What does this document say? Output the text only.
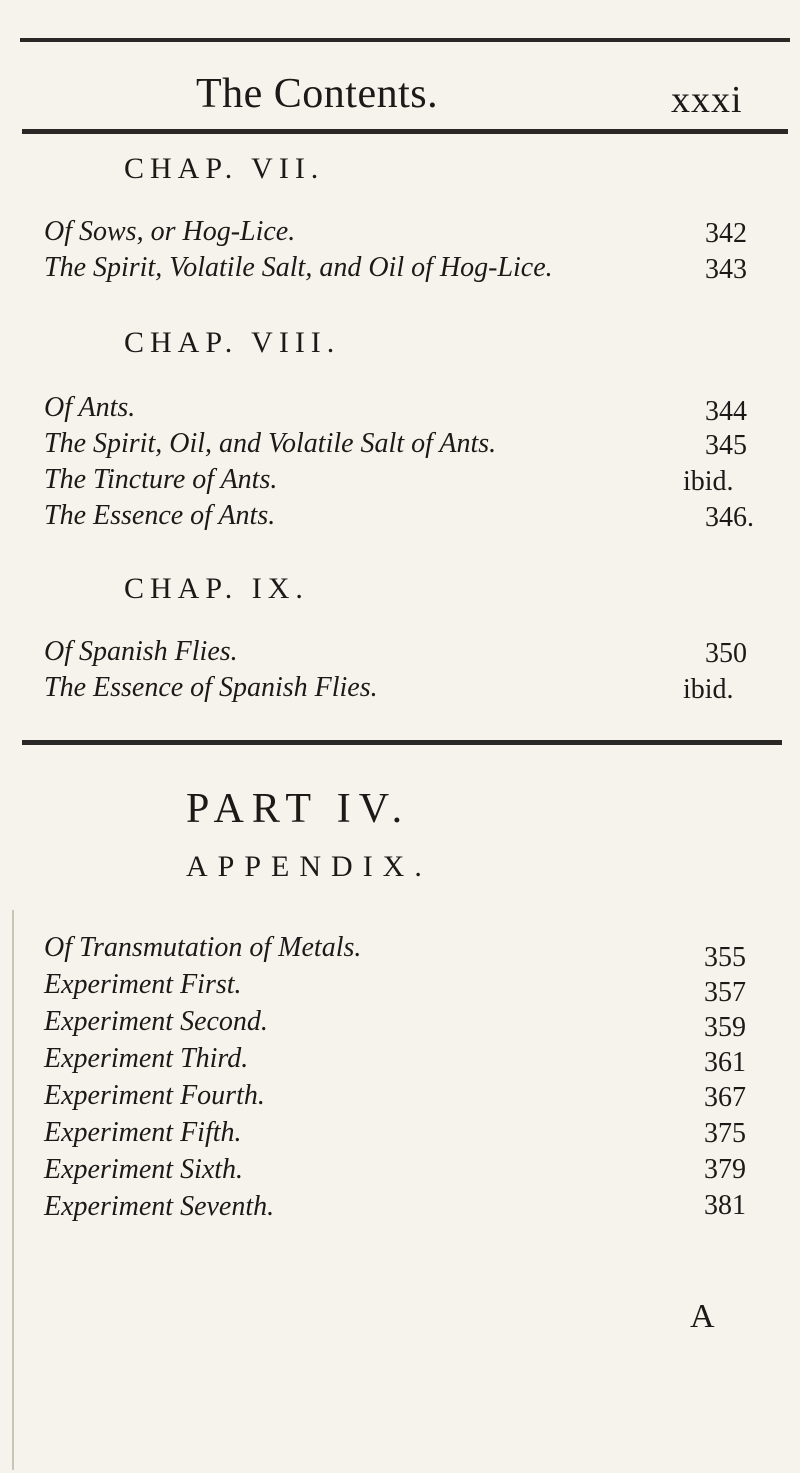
The Contents.	xxxi
CHAP. VII.
Of Sows, or Hog-Lice.	342
The Spirit, Volatile Salt, and Oil of Hog-Lice.	343
CHAP. VIII.
Of Ants.	344
The Spirit, Oil, and Volatile Salt of Ants.	345
The Tincture of Ants.	ibid.
The Essence of Ants.	346.
CHAP. IX.
Of Spanish Flies.	350
The Essence of Spanish Flies.	ibid.
PART IV.
APPENDIX.
Of Transmutation of Metals.	355
Experiment First.	357
Experiment Second.	359
Experiment Third.	361
Experiment Fourth.	367
Experiment Fifth.	375
Experiment Sixth.	379
Experiment Seventh.	381
A
